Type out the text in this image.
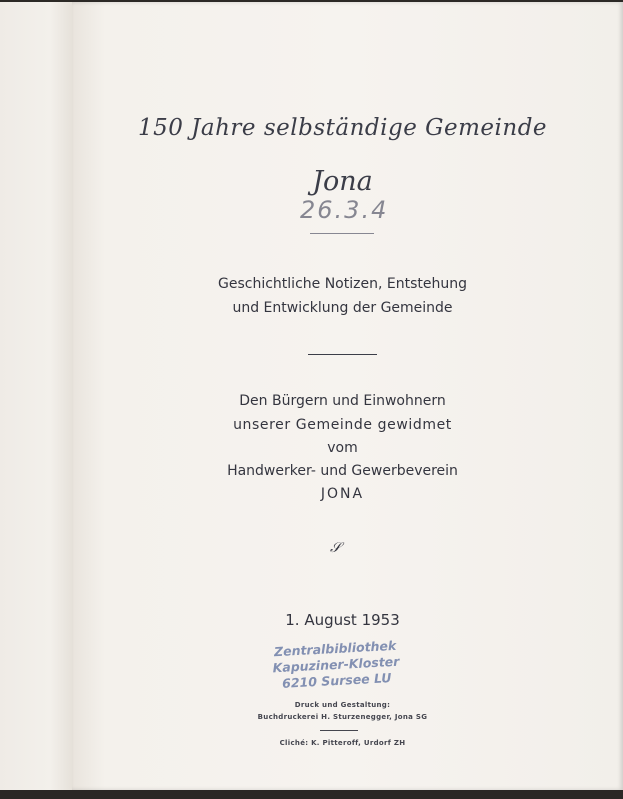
150 Jahre selbständige Gemeinde
Jona
26.3.4
Geschichtliche Notizen, Entstehung
und Entwicklung der Gemeinde
Den Bürgern und Einwohnern
unserer Gemeinde gewidmet
vom
Handwerker- und Gewerbeverein
JONA
𝒮
1. August 1953
Zentralbibliothek
Kapuziner-Kloster
6210 Sursee LU
Druck und Gestaltung:
Buchdruckerei H. Sturzenegger, Jona SG
Cliché: K. Pitteroff, Urdorf ZH
